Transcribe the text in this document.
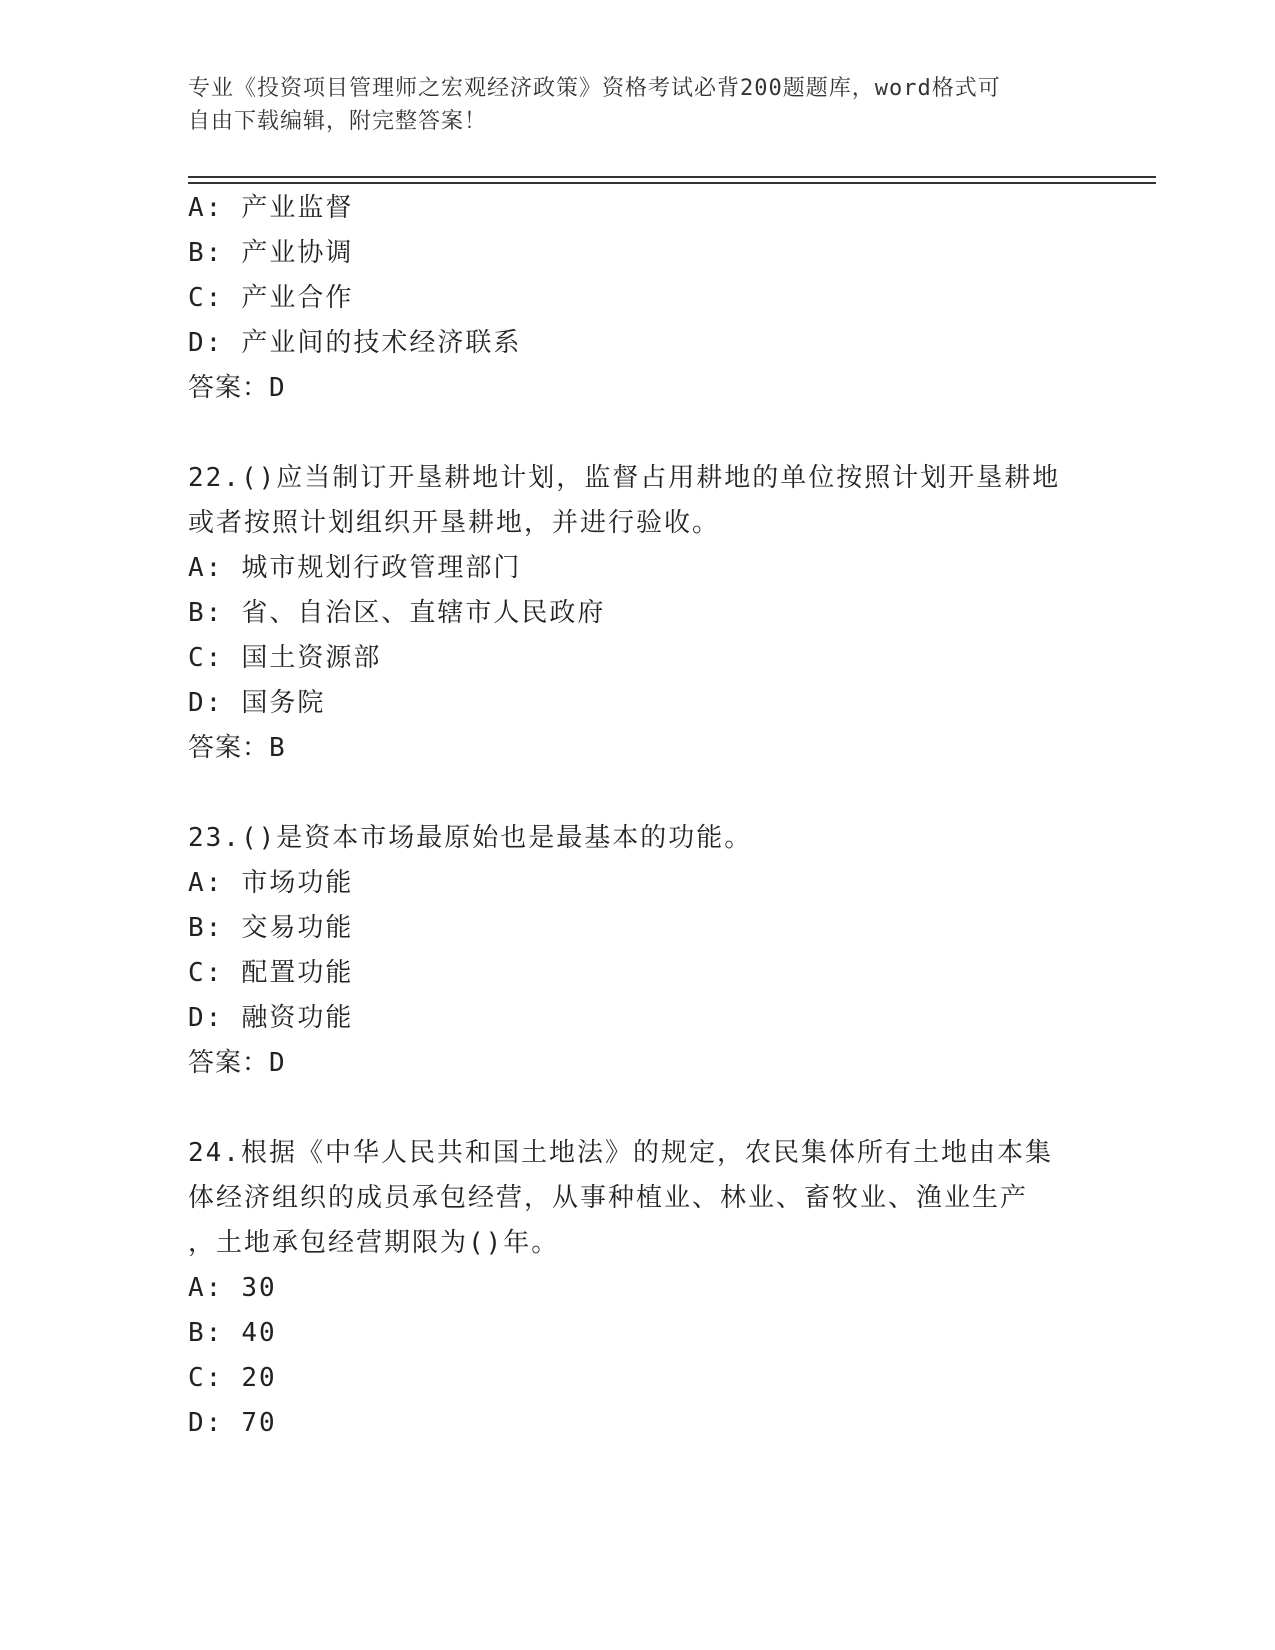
专业《投资项目管理师之宏观经济政策》资格考试必背200题题库，word格式可
自由下载编辑，附完整答案！
A: 产业监督
B: 产业协调
C: 产业合作
D: 产业间的技术经济联系
答案：D
22.()应当制订开垦耕地计划，监督占用耕地的单位按照计划开垦耕地
或者按照计划组织开垦耕地，并进行验收。
A: 城市规划行政管理部门
B: 省、自治区、直辖市人民政府
C: 国土资源部
D: 国务院
答案：B
23.()是资本市场最原始也是最基本的功能。
A: 市场功能
B: 交易功能
C: 配置功能
D: 融资功能
答案：D
24.根据《中华人民共和国土地法》的规定，农民集体所有土地由本集
体经济组织的成员承包经营，从事种植业、林业、畜牧业、渔业生产
，土地承包经营期限为()年。
A: 30
B: 40
C: 20
D: 70
